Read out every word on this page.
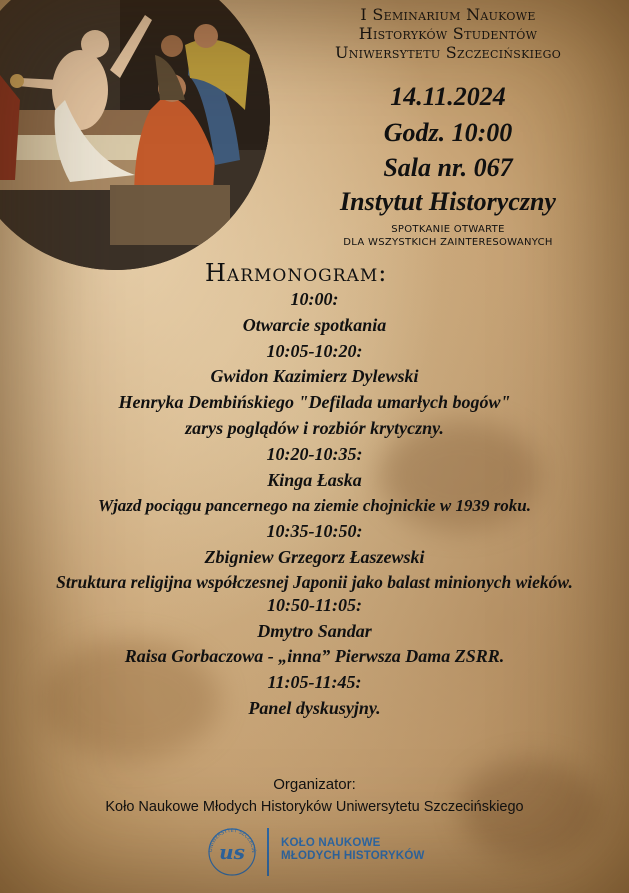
I Seminarium Naukowe
Historyków Studentów
Uniwersytetu Szczecińskiego
14.11.2024
Godz. 10:00
Sala nr. 067
Instytut Historyczny
SPOTKANIE OTWARTE
DLA WSZYSTKICH ZAINTERESOWANYCH
Harmonogram:
10:00:
Otwarcie spotkania
10:05-10:20:
Gwidon Kazimierz Dylewski
Henryka Dembińskiego "Defilada umarłych bogów"
zarys poglądów i rozbiór krytyczny.
10:20-10:35:
Kinga Łaska
Wjazd pociągu pancernego na ziemie chojnickie w 1939 roku.
10:35-10:50:
Zbigniew Grzegorz Łaszewski
Struktura religijna współczesnej Japonii jako balast minionych wieków.
10:50-11:05:
Dmytro Sandar
Raisa Gorbaczowa - „inna” Pierwsza Dama ZSRR.
11:05-11:45:
Panel dyskusyjny.
Organizator:
Koło Naukowe Młodych Historyków Uniwersytetu Szczecińskiego
us
UNIWERSYTET SZCZECIŃ
KOŁO NAUKOWE
MŁODYCH HISTORYKÓW
